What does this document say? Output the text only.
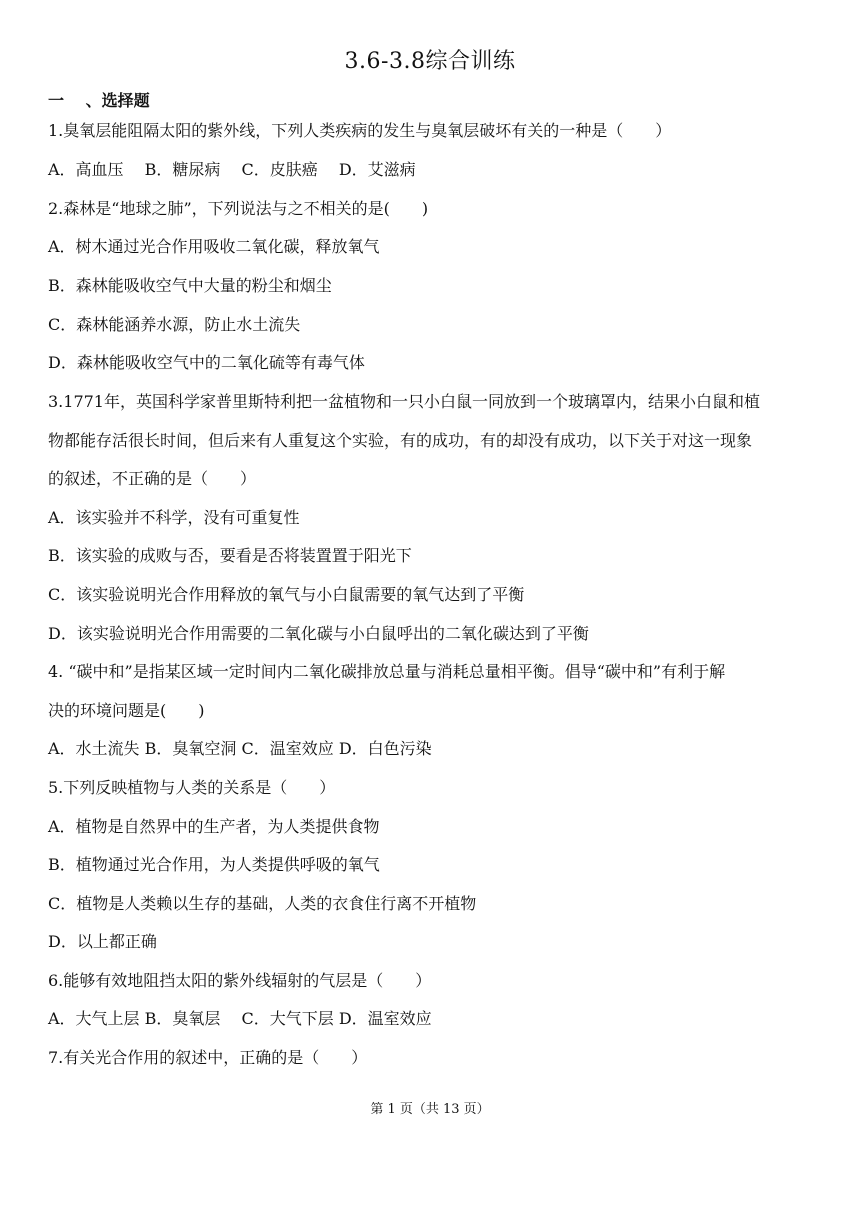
3.6-3.8综合训练
一 　、选择题
1.臭氧层能阻隔太阳的紫外线，下列人类疾病的发生与臭氧层破坏有关的一种是（　　）
A．高血压　 B．糖尿病　 C．皮肤癌　 D．艾滋病
2.森林是“地球之肺”，下列说法与之不相关的是(　　)
A．树木通过光合作用吸收二氧化碳，释放氧气
B．森林能吸收空气中大量的粉尘和烟尘
C．森林能涵养水源，防止水土流失
D．森林能吸收空气中的二氧化硫等有毒气体
3.1771年，英国科学家普里斯特利把一盆植物和一只小白鼠一同放到一个玻璃罩内，结果小白鼠和植
物都能存活很长时间，但后来有人重复这个实验，有的成功，有的却没有成功，以下关于对这一现象
的叙述，不正确的是（　　）
A．该实验并不科学，没有可重复性
B．该实验的成败与否，要看是否将装置置于阳光下
C．该实验说明光合作用释放的氧气与小白鼠需要的氧气达到了平衡
D．该实验说明光合作用需要的二氧化碳与小白鼠呼出的二氧化碳达到了平衡
4. “碳中和”是指某区域一定时间内二氧化碳排放总量与消耗总量相平衡。倡导“碳中和”有利于解
决的环境问题是(　　)
A．水土流失 B．臭氧空洞 C．温室效应 D．白色污染
5.下列反映植物与人类的关系是（　　）
A．植物是自然界中的生产者，为人类提供食物
B．植物通过光合作用，为人类提供呼吸的氧气
C．植物是人类赖以生存的基础，人类的衣食住行离不开植物
D．以上都正确
6.能够有效地阻挡太阳的紫外线辐射的气层是（　　）
A．大气上层 B．臭氧层　 C．大气下层 D．温室效应
7.有关光合作用的叙述中，正确的是（　　）
第 1 页（共 13 页）
